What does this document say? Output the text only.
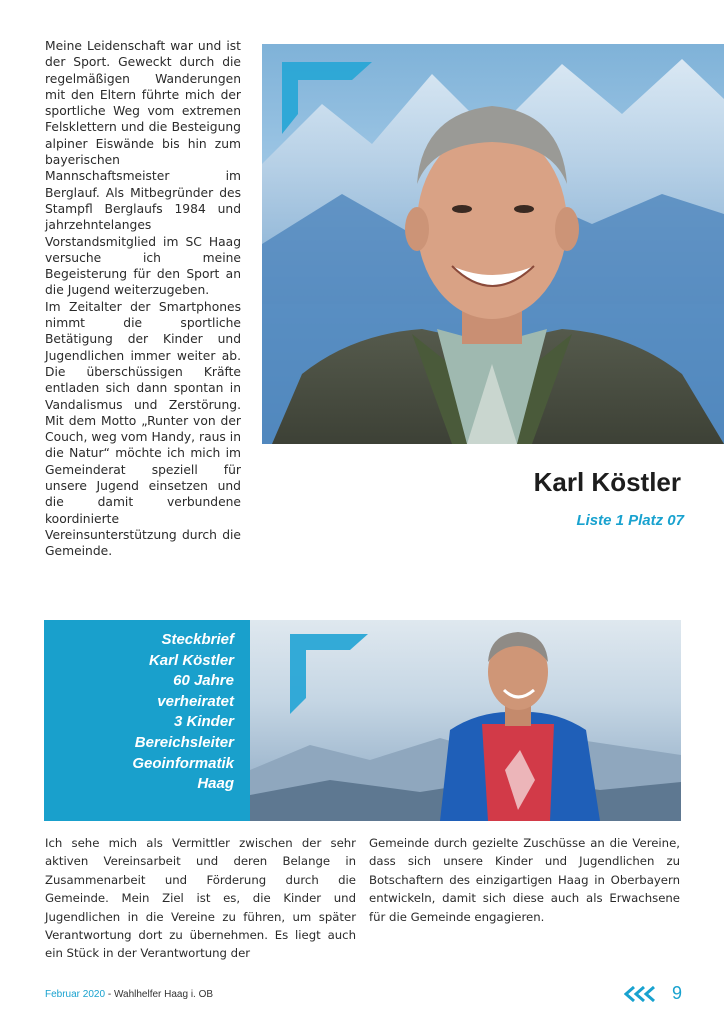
Meine Leidenschaft war und ist der Sport. Geweckt durch die regelmäßigen Wanderungen mit den Eltern führte mich der sportliche Weg vom extremen Felsklettern und die Besteigung alpiner Eiswände bis hin zum bayerischen Mannschaftsmeister im Berglauf. Als Mitbegründer des Stampfl Berglaufs 1984 und jahrzehntelanges Vorstandsmitglied im SC Haag versuche ich meine Begeisterung für den Sport an die Jugend weiterzugeben.

Im Zeitalter der Smartphones nimmt die sportliche Betätigung der Kinder und Jugendlichen immer weiter ab. Die überschüssigen Kräfte entladen sich dann spontan in Vandalismus und Zerstörung. Mit dem Motto „Runter von der Couch, weg vom Handy, raus in die Natur“ möchte ich mich im Gemeinderat speziell für unsere Jugend einsetzen und die damit verbundene koordinierte Vereinsunterstützung durch die Gemeinde.

Karl Köstler
Liste 1 Platz 07
Steckbrief
Karl Köstler
60 Jahre
verheiratet
3 Kinder
Bereichsleiter
Geoinformatik
Haag

Ich sehe mich als Vermittler zwischen der sehr aktiven Vereinsarbeit und deren Belange in Zusammenarbeit und Förderung durch die Gemeinde. Mein Ziel ist es, die Kinder und Jugendlichen in die Vereine zu führen, um später Verantwortung dort zu übernehmen. Es liegt auch ein Stück in der Verantwortung der

Gemeinde durch gezielte Zuschüsse an die Vereine, dass sich unsere Kinder und Jugendlichen zu Botschaftern des einzigartigen Haag in Oberbayern entwickeln, damit sich diese auch als Erwachsene für die Gemeinde engagieren.

Februar 2020 - Wahlhelfer Haag i. OB	9
